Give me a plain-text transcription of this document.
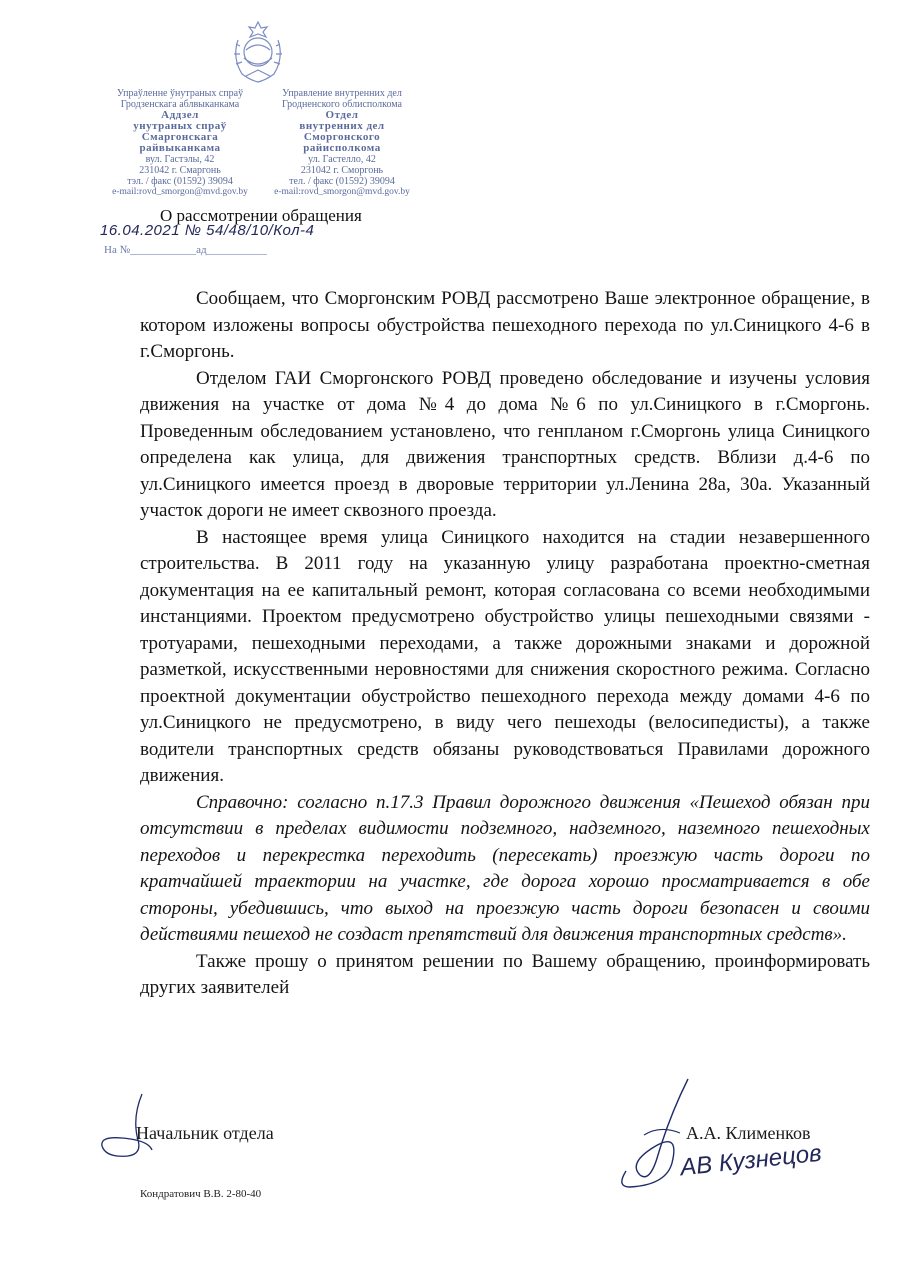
Упраўленне ўнутраных спраў
Гродзенскага аблвыканкама
Аддзел
унутраных спраў
Смаргонскага
райвыканкама
вул. Гастэлы, 42
231042 г. Смаргонь
тэл. / факс (01592) 39094
e-mail:rovd_smorgon@mvd.gov.by
Управление внутренних дел
Гродненского облисполкома
Отдел
внутренних дел
Сморгонского
райисполкома
ул. Гастелло, 42
231042 г. Сморгонь
тел. / факс (01592) 39094
e-mail:rovd_smorgon@mvd.gov.by
О рассмотрении обращения
16.04.2021 № 54/48/10/Кол-4
На №____________ад___________

Сообщаем, что Сморгонским РОВД рассмотрено Ваше электронное обращение, в котором изложены вопросы обустройства пешеходного перехода по ул.Синицкого 4-6 в г.Сморгонь.

Отделом ГАИ Сморгонского РОВД проведено обследование и изучены условия движения на участке от дома №4 до дома №6 по ул.Синицкого в г.Сморгонь. Проведенным обследованием установлено, что генпланом г.Сморгонь улица Синицкого определена как улица, для движения транспортных средств. Вблизи д.4-6 по ул.Синицкого имеется проезд в дворовые территории ул.Ленина 28а, 30а. Указанный участок дороги не имеет сквозного проезда.

В настоящее время улица Синицкого находится на стадии незавершенного строительства. В 2011 году на указанную улицу разработана проектно-сметная документация на ее капитальный ремонт, которая согласована со всеми необходимыми инстанциями. Проектом предусмотрено обустройство улицы пешеходными связями - тротуарами, пешеходными переходами, а также дорожными знаками и дорожной разметкой, искусственными неровностями для снижения скоростного режима. Согласно проектной документации обустройство пешеходного перехода между домами 4-6 по ул.Синицкого не предусмотрено, в виду чего пешеходы (велосипедисты), а также водители транспортных средств обязаны руководствоваться Правилами дорожного движения.

Справочно: согласно п.17.3 Правил дорожного движения «Пешеход обязан при отсутствии в пределах видимости подземного, надземного, наземного пешеходных переходов и перекрестка переходить (пересекать) проезжую часть дороги по кратчайшей траектории на участке, где дорога хорошо просматривается в обе стороны, убедившись, что выход на проезжую часть дороги безопасен и своими действиями пешеход не создаст препятствий для движения транспортных средств».

Также прошу о принятом решении по Вашему обращению, проинформировать других заявителей

Начальник отдела	А.А. Клименков
АВ Кузнецов
Кондратович В.В. 2-80-40
